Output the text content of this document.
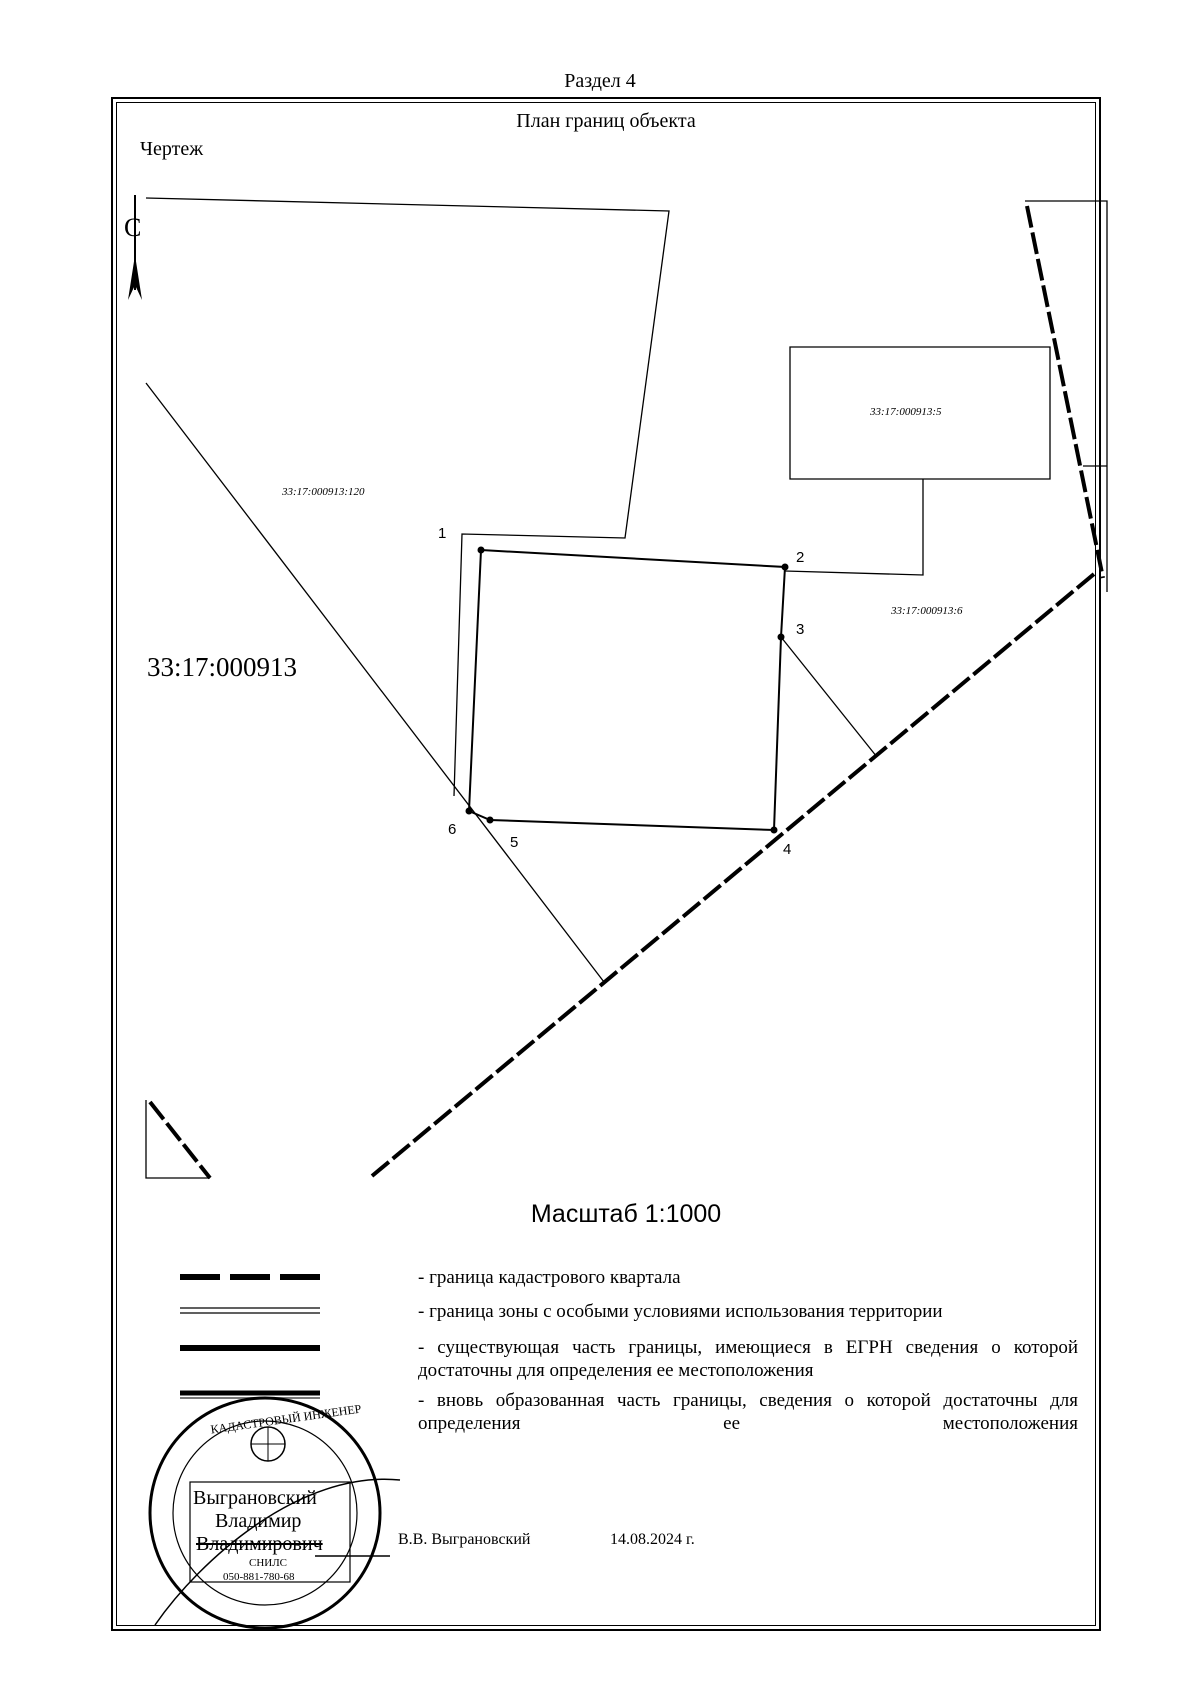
Раздел 4
План границ объекта
Чертеж
С
33:17:000913:120
33:17:000913:5
33:17:000913:6
33:17:000913
1
2
3
4
5
6
Выграновский
Владимир
Владимирович
СНИЛС
050-881-780-68
КАДАСТРОВЫЙ ИНЖЕНЕР
Масштаб 1:1000
- граница кадастрового квартала
- граница зоны с особыми условиями использования территории
- существующая часть границы, имеющиеся в ЕГРН сведения о которой достаточны для определения ее местоположения
- вновь образованная часть границы, сведения о которой достаточны для определения ее местоположения
В.В. Выграновский	14.08.2024 г.
